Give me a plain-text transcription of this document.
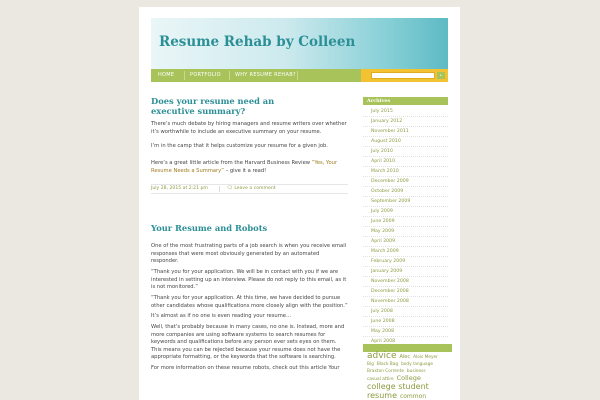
Resume Rehab by Colleen
HOME	PORTFOLIO	WHY RESUME REHAB?	▸
Does your resume need an
executive summary?

There’s much debate by hiring managers and resume writers over whether
it’s worthwhile to include an executive summary on your resume.

I’m in the camp that it helps customize your resume for a given job.

Here’s a great little article from the Harvard Business Review “Yes, Your
Resume Needs a Summary” – give it a read!

July 28, 2015 at 2:21 pm	🗨 Leave a comment
Your Resume and Robots
One of the most frustrating parts of a job search is when you receive email
responses that were most obviously generated by an automated
responder.
“Thank you for your application. We will be in contact with you if we are
interested in setting up an interview. Please do not reply to this email, as it
is not monitored.”
“Thank you for your application. At this time, we have decided to pursue
other candidates whose qualifications more closely align with the position.”
It’s almost as if no one is even reading your resume…
Well, that’s probably because in many cases, no one is. Instead, more and
more companies are using software systems to search resumes for
keywords and qualifications before any person ever sets eyes on them.
This means you can be rejected because your resume does not have the
appropriate formatting, or the keywords that the software is searching.
For more information on these resume robots, check out this article Your
Archives
July 2015
January 2012
November 2011
August 2010
July 2010
April 2010
March 2010
December 2009
October 2009
September 2009
July 2009
June 2009
May 2009
April 2009
March 2009
February 2009
January 2009
November 2008
December 2008
November 2008
July 2008
June 2008
May 2008
April 2008
advice Alec Alois Meyer Big Black Bag body language Braxton Corrente business casual attire College college student resume common
